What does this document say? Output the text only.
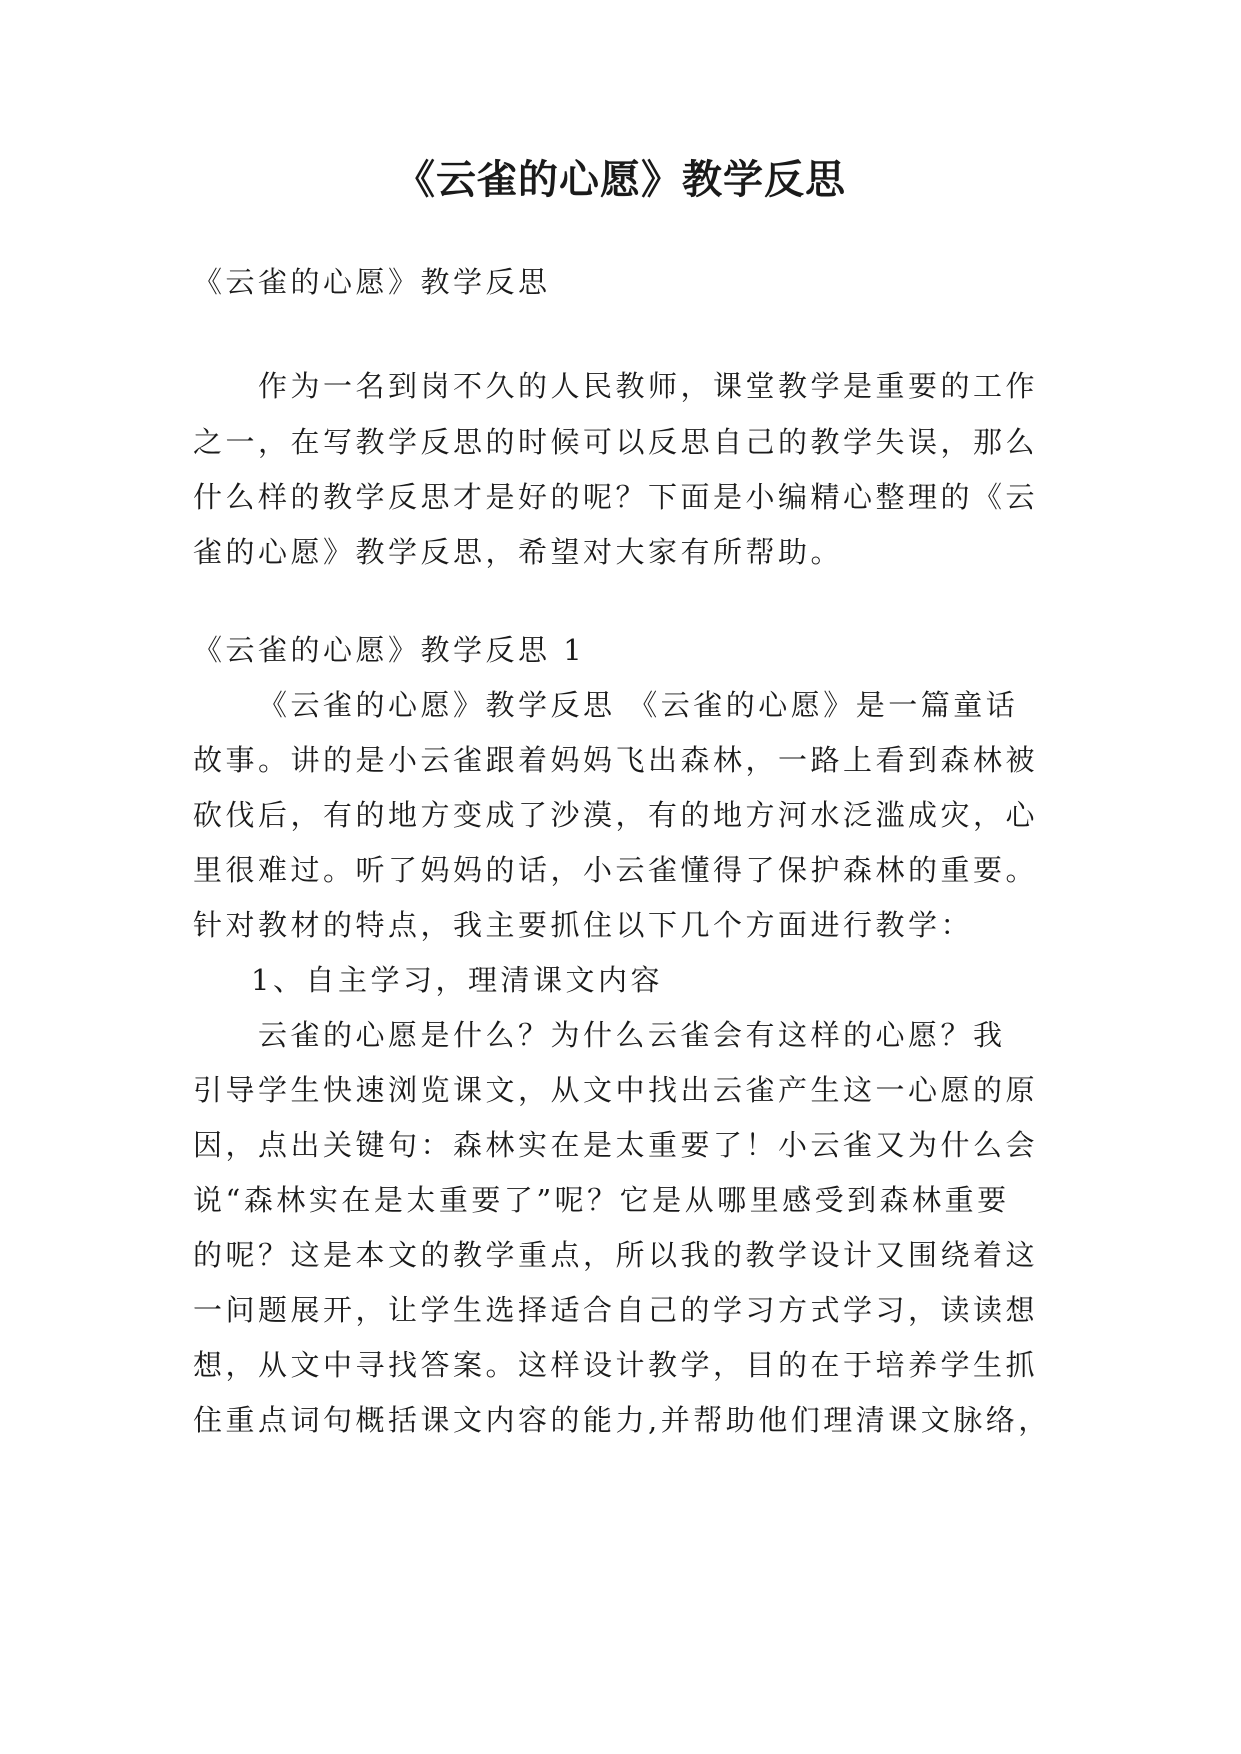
《云雀的心愿》教学反思
《云雀的心愿》教学反思
作为一名到岗不久的人民教师，课堂教学是重要的工作
之一，在写教学反思的时候可以反思自己的教学失误，那么
什么样的教学反思才是好的呢？下面是小编精心整理的《云
雀的心愿》教学反思，希望对大家有所帮助。
《云雀的心愿》教学反思 1
《云雀的心愿》教学反思 《云雀的心愿》是一篇童话
故事。讲的是小云雀跟着妈妈飞出森林，一路上看到森林被
砍伐后，有的地方变成了沙漠，有的地方河水泛滥成灾，心
里很难过。听了妈妈的话，小云雀懂得了保护森林的重要。
针对教材的特点，我主要抓住以下几个方面进行教学：
1、自主学习，理清课文内容
云雀的心愿是什么？为什么云雀会有这样的心愿？我
引导学生快速浏览课文，从文中找出云雀产生这一心愿的原
因，点出关键句：森林实在是太重要了！小云雀又为什么会
说“森林实在是太重要了”呢？它是从哪里感受到森林重要
的呢？这是本文的教学重点，所以我的教学设计又围绕着这
一问题展开，让学生选择适合自己的学习方式学习，读读想
想，从文中寻找答案。这样设计教学，目的在于培养学生抓
住重点词句概括课文内容的能力,并帮助他们理清课文脉络，
